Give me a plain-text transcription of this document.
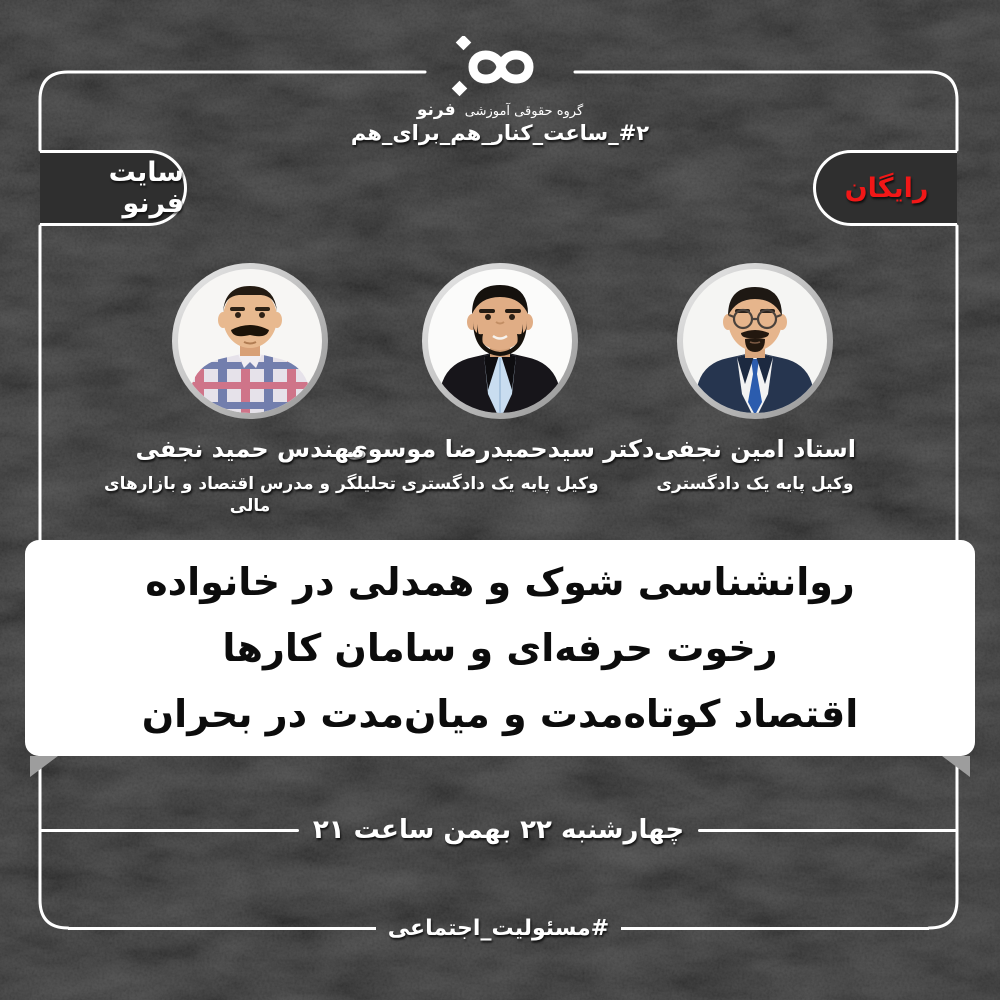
گروه حقوقی آموزشی فرنو
#۲_ساعت_کنار_هم_برای_هم
سایت فرنو	رایگان
استاد امین نجفی
وکیل پایه یک دادگستری
دکتر سیدحمیدرضا موسوی
وکیل پایه یک دادگستری
مهندس حمید نجفی
تحلیلگر و مدرس اقتصاد و بازارهای مالی
روانشناسی شوک و همدلی در خانواده
رخوت حرفه‌ای و سامان کارها
اقتصاد کوتاه‌مدت و میان‌مدت در بحران
چهارشنبه ۲۲ بهمن ساعت ۲۱
#مسئولیت_اجتماعی
